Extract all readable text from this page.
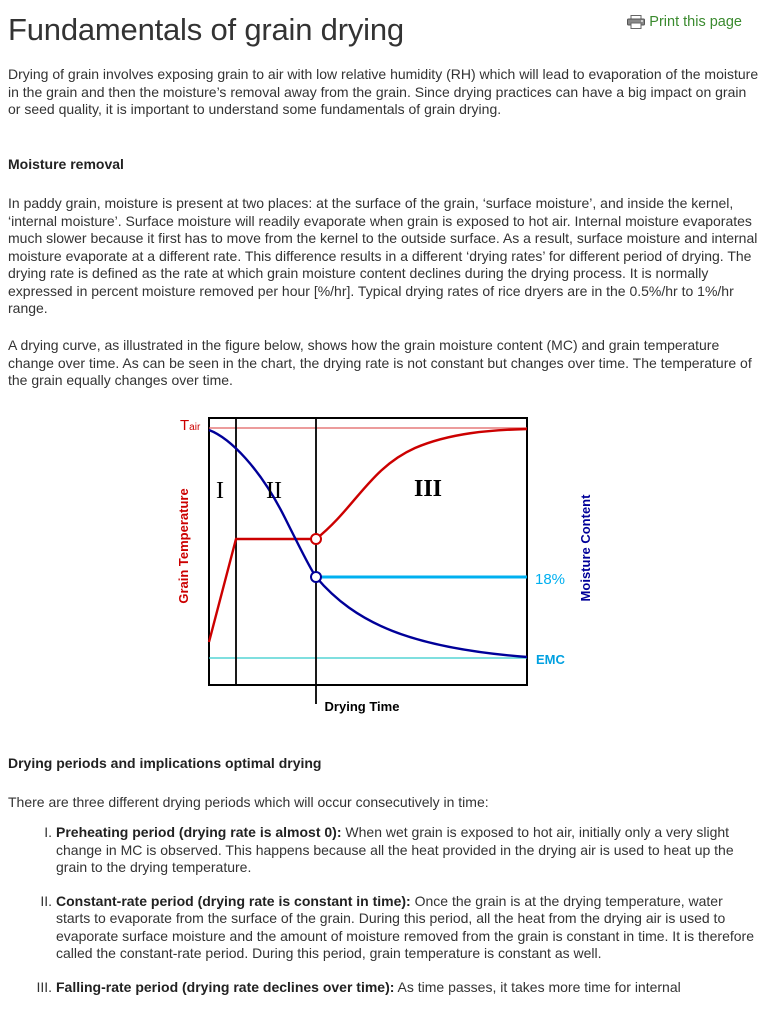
Fundamentals of grain drying	Print this page

Drying of grain involves exposing grain to air with low relative humidity (RH) which will lead to evaporation of the moisture in the grain and then the moisture’s removal away from the grain. Since drying practices can have a big impact on grain or seed quality, it is important to understand some fundamentals of grain drying.

Moisture removal

In paddy grain, moisture is present at two places: at the surface of the grain, ‘surface moisture’, and inside the kernel, ‘internal moisture’. Surface moisture will readily evaporate when grain is exposed to hot air. Internal moisture evaporates much slower because it first has to move from the kernel to the outside surface. As a result, surface moisture and internal moisture evaporate at a different rate. This difference results in a different ‘drying rates’ for different period of drying. The drying rate is defined as the rate at which grain moisture content declines during the drying process. It is normally expressed in percent moisture removed per hour [%/hr]. Typical drying rates of rice dryers are in the 0.5%/hr to 1%/hr range.

A drying curve, as illustrated in the figure below, shows how the grain moisture content (MC) and grain temperature change over time. As can be seen in the chart, the drying rate is not constant but changes over time. The temperature of the grain equally changes over time.

Tair
I II	III
18%
EMC
Drying Time
Grain Temperature	Moisture Content
Drying periods and implications optimal drying

There are three different drying periods which will occur consecutively in time:

I. Preheating period (drying rate is almost 0): When wet grain is exposed to hot air, initially only a very slight change in MC is observed. This happens because all the heat provided in the drying air is used to heat up the grain to the drying temperature.
II. Constant-rate period (drying rate is constant in time): Once the grain is at the drying temperature, water starts to evaporate from the surface of the grain. During this period, all the heat from the drying air is used to evaporate surface moisture and the amount of moisture removed from the grain is constant in time. It is therefore called the constant-rate period. During this period, grain temperature is constant as well.
III. Falling-rate period (drying rate declines over time): As time passes, it takes more time for internal
